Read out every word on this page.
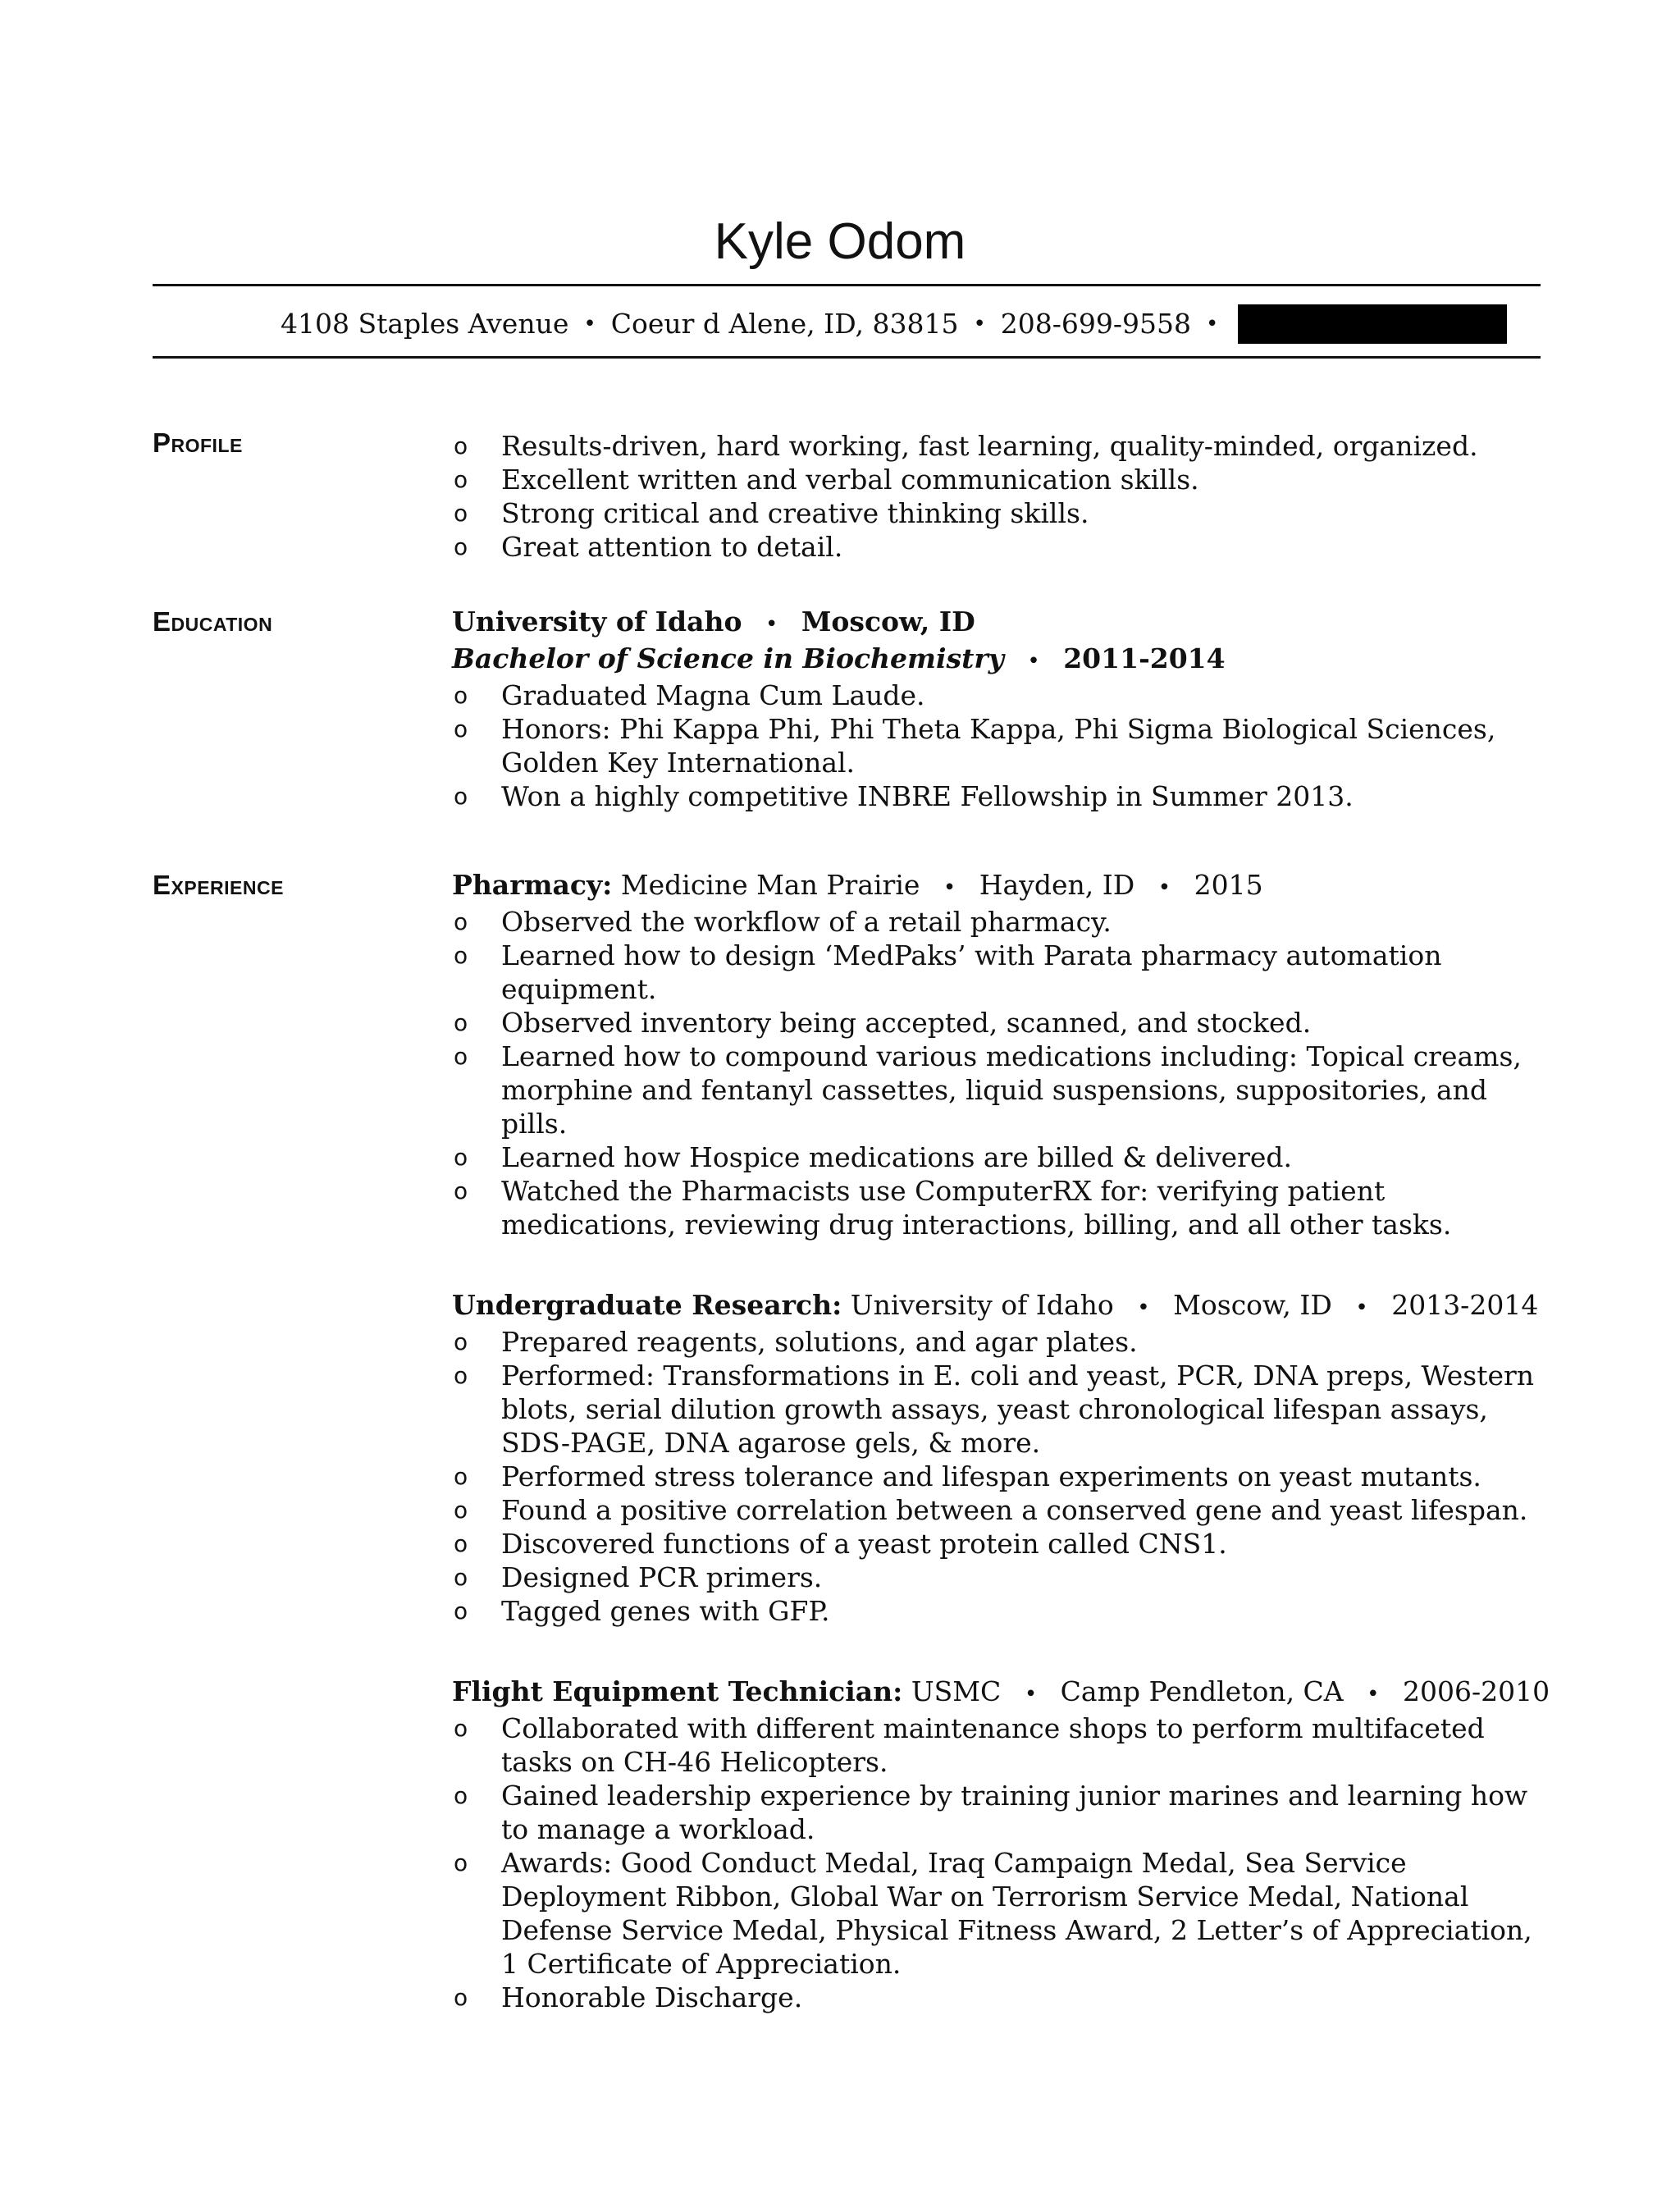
Kyle Odom
4108 Staples Avenue • Coeur d Alene, ID, 83815 • 208-699-9558 •
Profile	o Results-driven, hard working, fast learning, quality-minded, organized.
o Excellent written and verbal communication skills.
o Strong critical and creative thinking skills.
o Great attention to detail.
Education	University of Idaho • Moscow, ID

Bachelor of Science in Biochemistry • 2011-2014

o Graduated Magna Cum Laude.
o Honors: Phi Kappa Phi, Phi Theta Kappa, Phi Sigma Biological Sciences, Golden Key International.
o Won a highly competitive INBRE Fellowship in Summer 2013.
Experience	Pharmacy: Medicine Man Prairie • Hayden, ID • 2015

o Observed the workflow of a retail pharmacy.
o Learned how to design ‘MedPaks’ with Parata pharmacy automation equipment.
o Observed inventory being accepted, scanned, and stocked.
o Learned how to compound various medications including: Topical creams, morphine and fentanyl cassettes, liquid suspensions, suppositories, and pills.
o Learned how Hospice medications are billed & delivered.
o Watched the Pharmacists use ComputerRX for: verifying patient medications, reviewing drug interactions, billing, and all other tasks.

Undergraduate Research: University of Idaho • Moscow, ID • 2013-2014

o Prepared reagents, solutions, and agar plates.
o Performed: Transformations in E. coli and yeast, PCR, DNA preps, Western blots, serial dilution growth assays, yeast chronological lifespan assays, SDS-PAGE, DNA agarose gels, & more.
o Performed stress tolerance and lifespan experiments on yeast mutants.
o Found a positive correlation between a conserved gene and yeast lifespan.
o Discovered functions of a yeast protein called CNS1.
o Designed PCR primers.
o Tagged genes with GFP.

Flight Equipment Technician: USMC • Camp Pendleton, CA • 2006-2010

o Collaborated with different maintenance shops to perform multifaceted tasks on CH-46 Helicopters.
o Gained leadership experience by training junior marines and learning how to manage a workload.
o Awards: Good Conduct Medal, Iraq Campaign Medal, Sea Service Deployment Ribbon, Global War on Terrorism Service Medal, National Defense Service Medal, Physical Fitness Award, 2 Letter’s of Appreciation, 1 Certificate of Appreciation.
o Honorable Discharge.
